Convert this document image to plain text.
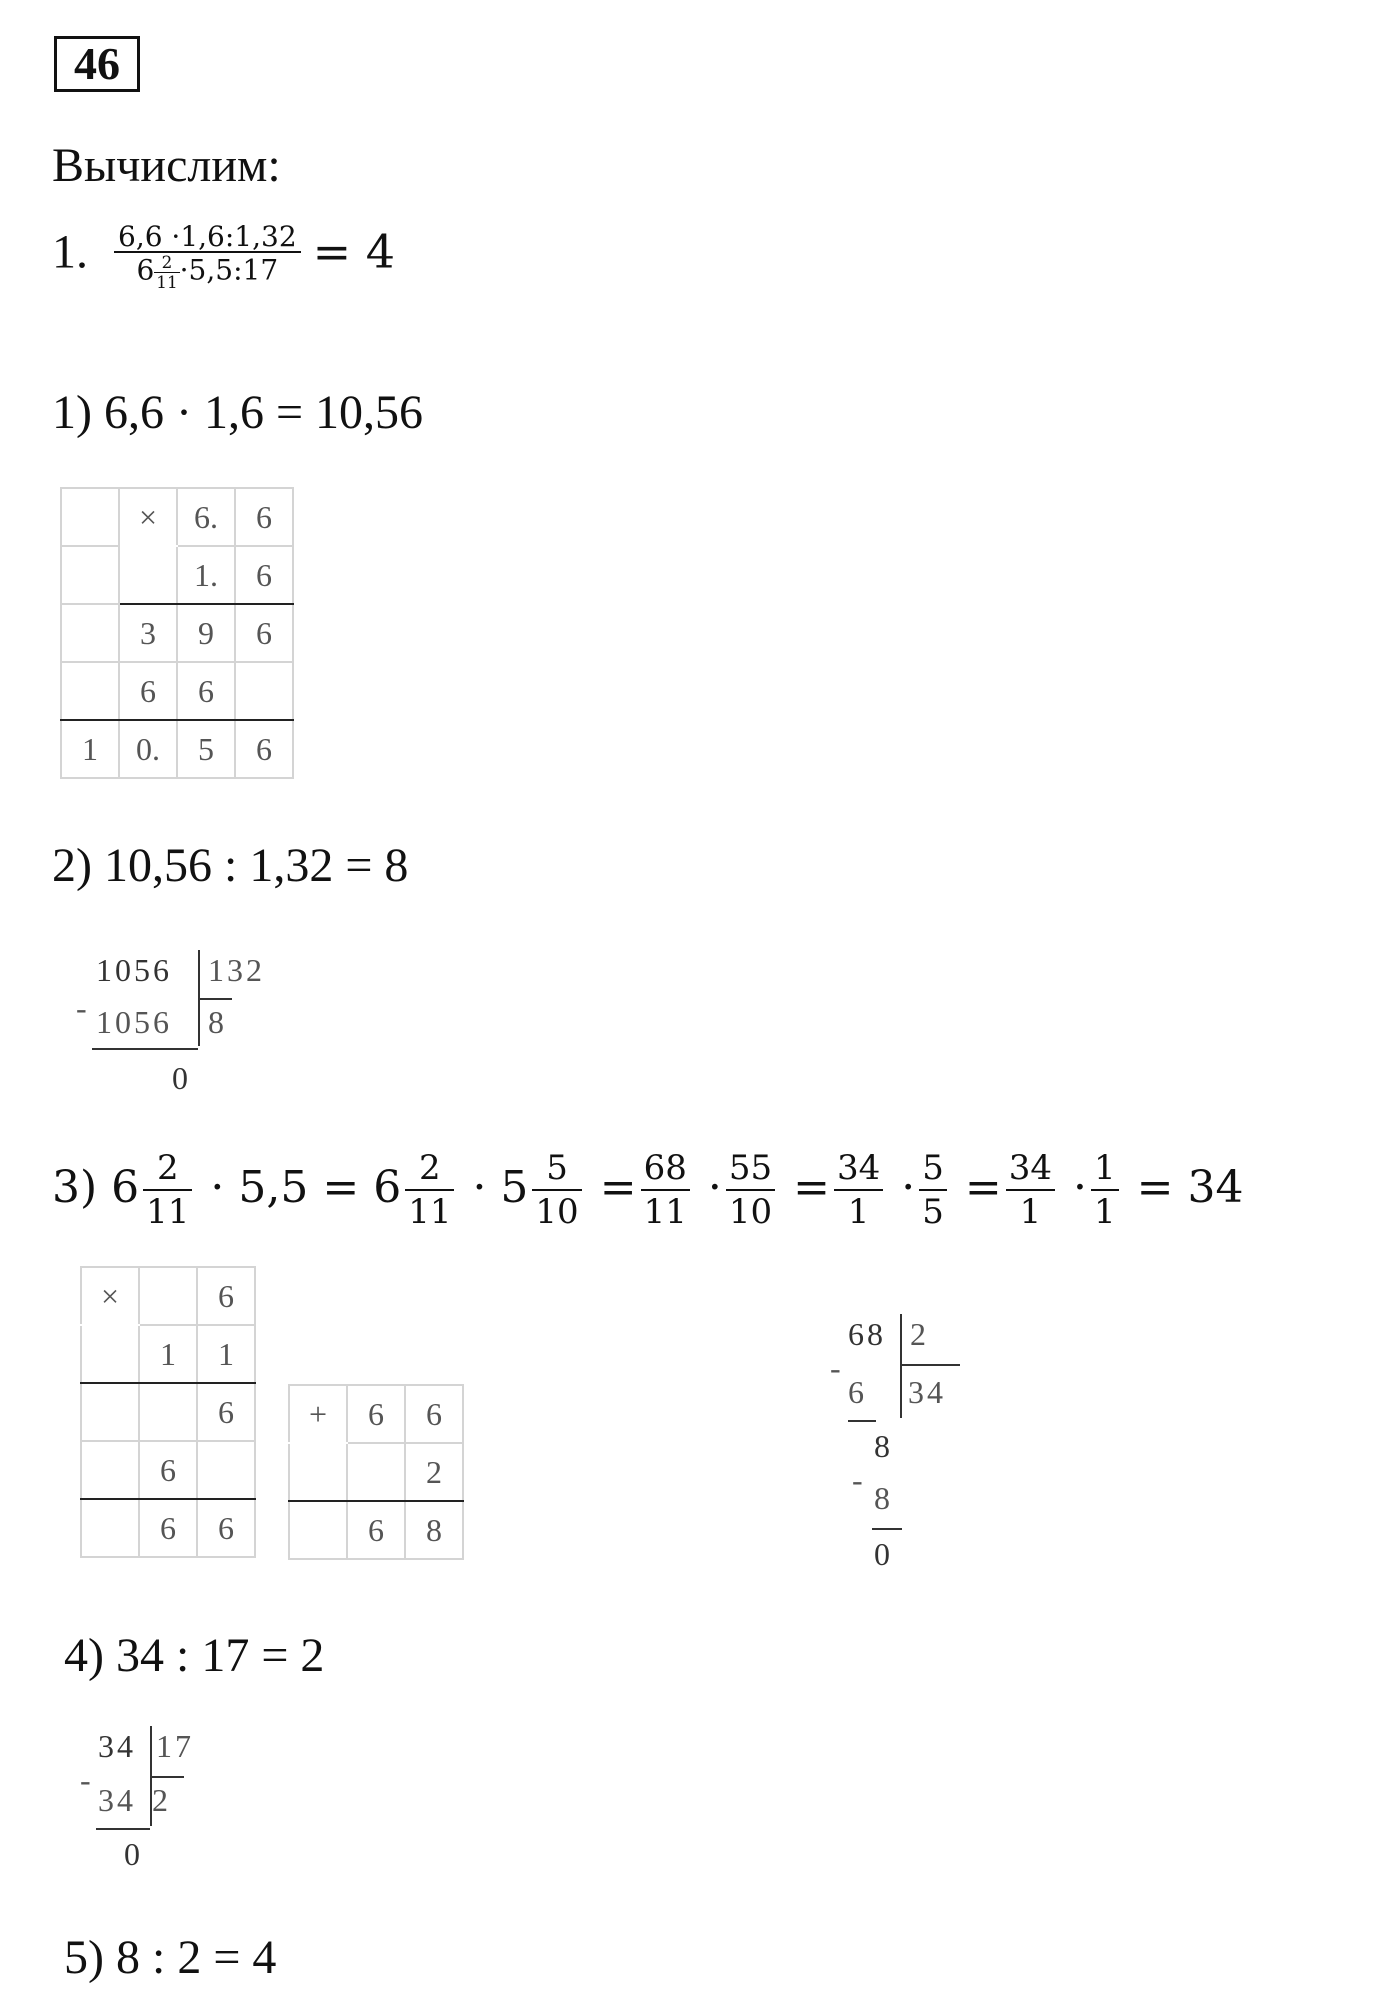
46
Вычислим:
1. $\frac{6,6 \cdot 1,6:1,32}{6 \frac{2}{11} \cdot 5,5:17} = 4$
1) 6,6 · 1,6 = 10,56
	×	6.	6
		1.	6
	3	9	6
	6	6	
1	0.	5	6
2) 10,56 : 1,32 = 8
1056 132
- 1056 8
0
3) $6 \frac{2}{11} \cdot 5,5 = 6 \frac{2}{11} \cdot 5 \frac{5}{10} = \frac{68}{11} \cdot \frac{55}{10} = \frac{34}{1} \cdot \frac{5}{5} = \frac{34}{1} \cdot \frac{1}{1} = 34$
×		6
	1	1
		6
	6	
	6	6
+	6	6
		2
	6	8
68 2
-
6 34
8
- 8
0
4) 34 : 17 = 2
34 17
-
34 2
0
5) 8 : 2 = 4
